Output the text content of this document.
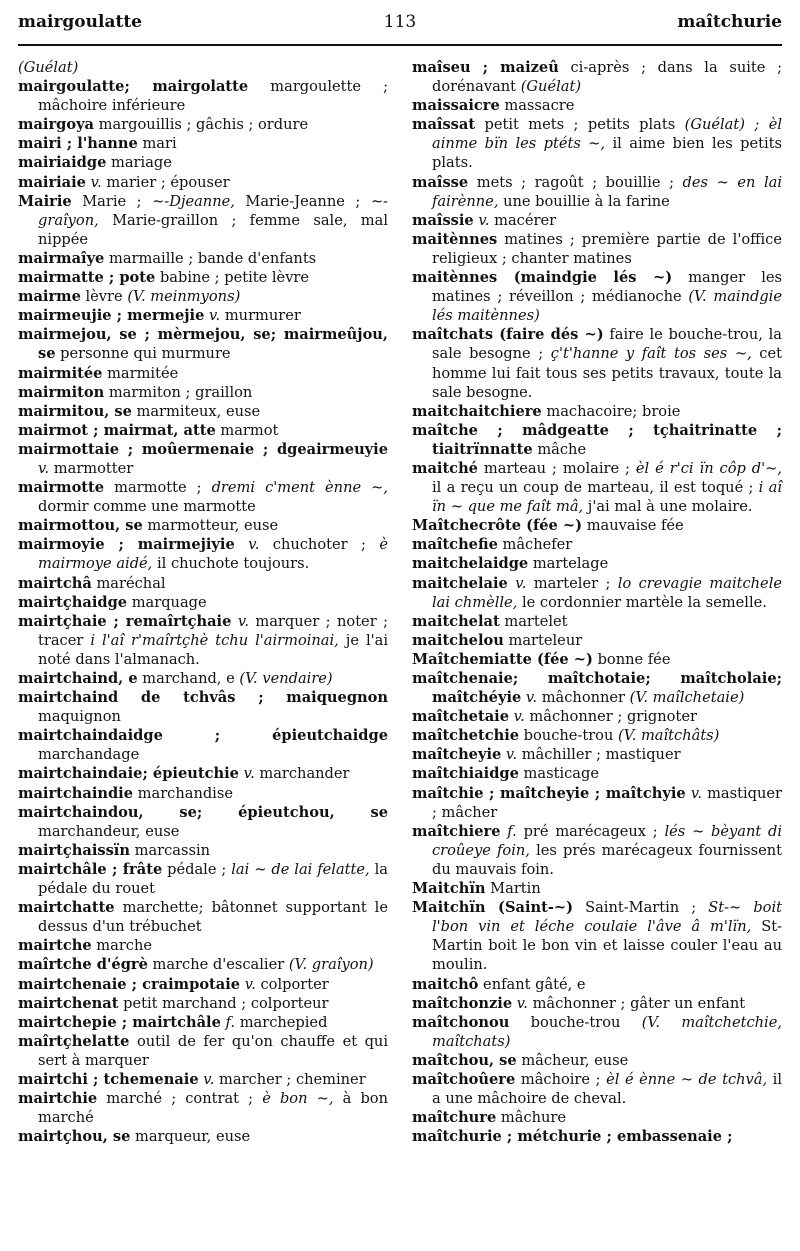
mairgoulatte	113	maîtchurie

(Guélat)

mairgoulatte; mairgolatte margoulette ; mâchoire inférieure

mairgoya margouillis ; gâchis ; ordure

mairi ; l'hanne mari

mairiaidge mariage

mairiaie v. marier ; épouser

Mairie Marie ; ~-Djeanne, Marie-Jeanne ; ~-graîyon, Marie-graillon ; femme sale, mal nippée

mairmaîye marmaille ; bande d'enfants

mairmatte ; pote babine ; petite lèvre

mairme lèvre (V. meinmyons)

mairmeujie ; mermejie v. murmurer

mairmejou, se ; mèrmejou, se; mairmeûjou, se personne qui murmure

mairmitée marmitée

mairmiton marmiton ; graillon

mairmitou, se marmiteux, euse

mairmot ; mairmat, atte marmot

mairmottaie ; moûermenaie ; dgeairmeuyie v. marmotter

mairmotte marmotte ; dremi c'ment ènne ~, dormir comme une marmotte

mairmottou, se marmotteur, euse

mairmoyie ; mairmejiyie v. chuchoter ; è mairmoye aidé, il chuchote toujours.

mairtchâ maréchal

mairtçhaidge marquage

mairtçhaie ; remaîrtçhaie v. marquer ; noter ; tracer i l'aî r'maîrtçhè tchu l'airmoinai, je l'ai noté dans l'almanach.

mairtchaind, e marchand, e (V. vendaire)

mairtchaind de tchvâs ; maiquegnon maquignon

mairtchaindaidge ; épieutchaidge marchandage

mairtchaindaie; épieutchie v. marchander

mairtchaindie marchandise

mairtchaindou, se; épieutchou, se marchandeur, euse

mairtçhaissïn marcassin

mairtchâle ; frâte pédale ; lai ~ de lai felatte, la pédale du rouet

mairtchatte marchette; bâtonnet supportant le dessus d'un trébuchet

mairtche marche

maîrtche d'égrè marche d'escalier (V. graîyon)

mairtchenaie ; craimpotaie v. colporter

mairtchenat petit marchand ; colporteur

mairtchepie ; mairtchâle f. marchepied

maîrtçhelatte outil de fer qu'on chauffe et qui sert à marquer

mairtchi ; tchemenaie v. marcher ; cheminer

mairtchie marché ; contrat ; è bon ~, à bon marché

mairtçhou, se marqueur, euse

maîseu ; maizeû ci-après ; dans la suite ; dorénavant (Guélat)

maissaicre massacre

maîssat petit mets ; petits plats (Guélat) ; èl ainme bïn les ptéts ~, il aime bien les petits plats.

maîsse mets ; ragoût ; bouillie ; des ~ en lai fairènne, une bouillie à la farine

maîssie v. macérer

maitènnes matines ; première partie de l'office religieux ; chanter matines

maitènnes (maindgie lés ~) manger les matines ; réveillon ; médianoche (V. maindgie lés maitènnes)

maîtchats (faire dés ~) faire le bouche-trou, la sale besogne ; ç't'hanne y faît tos ses ~, cet homme lui fait tous ses petits travaux, toute la sale besogne.

maitchaitchiere machacoire; broie

maîtche ; mâdgeatte ; tçhaitrinatte ; tiaitrïnnatte mâche

maitché marteau ; molaire ; èl é r'ci ïn côp d'~, il a reçu un coup de marteau, il est toqué ; i aî ïn ~ que me faît mâ, j'ai mal à une molaire.

Maîtchecrôte (fée ~) mauvaise fée

maîtchefie mâchefer

maitchelaidge martelage

maitchelaie v. marteler ; lo crevagie maitchele lai chmèlle, le cordonnier martèle la semelle.

maitchelat martelet

maitchelou marteleur

Maîtchemiatte (fée ~) bonne fée

maîtchenaie; maîtchotaie; maîtcholaie; maîtchéyie v. mâchonner (V. maîlchetaie)

maîtchetaie v. mâchonner ; grignoter

maîtchetchie bouche-trou (V. maîtchâts)

maîtcheyie v. mâchiller ; mastiquer

maîtchiaidge masticage

maîtchie ; maîtcheyie ; maîtchyie v. mastiquer ; mâcher

maîtchiere f. pré marécageux ; lés ~ bèyant di croûeye foin, les prés marécageux fournissent du mauvais foin.

Maitchïn Martin

Maitchïn (Saint-~) Saint-Martin ; St-~ boit l'bon vin et léche coulaie l'âve â m'lïn, St-Martin boit le bon vin et laisse couler l'eau au moulin.

maitchô enfant gâté, e

maîtchonzie v. mâchonner ; gâter un enfant

maîtchonou bouche-trou (V. maîtchetchie, maîtchats)

maîtchou, se mâcheur, euse

maîtchoûere mâchoire ; èl é ènne ~ de tchvâ, il a une mâchoire de cheval.

maîtchure mâchure

maîtchurie ; métchurie ; embassenaie ;
